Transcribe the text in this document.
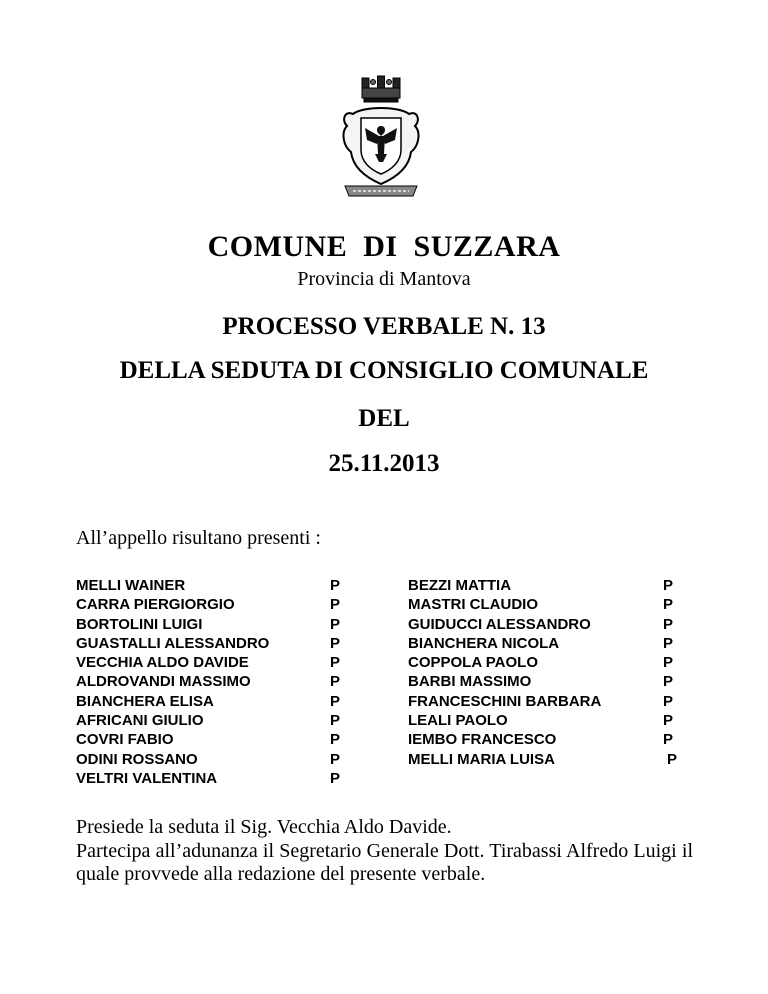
COMUNE  DI  SUZZARA
Provincia di Mantova
PROCESSO VERBALE N. 13
DELLA SEDUTA DI CONSIGLIO COMUNALE
DEL
25.11.2013
All’appello risultano presenti :
MELLI WAINER	P
CARRA PIERGIORGIO	P
BORTOLINI LUIGI	P
GUASTALLI ALESSANDRO	P
VECCHIA ALDO DAVIDE	P
ALDROVANDI MASSIMO	P
BIANCHERA ELISA	P
AFRICANI GIULIO	P
COVRI FABIO	P
ODINI ROSSANO	P
VELTRI VALENTINA	P
BEZZI MATTIA	P
MASTRI CLAUDIO	P
GUIDUCCI ALESSANDRO	P
BIANCHERA NICOLA	P
COPPOLA PAOLO	P
BARBI MASSIMO	P
FRANCESCHINI BARBARA	P
LEALI PAOLO	P
IEMBO FRANCESCO	P
MELLI MARIA LUISA	P

Presiede la seduta il Sig. Vecchia Aldo Davide.

Partecipa all’adunanza il Segretario Generale Dott. Tirabassi Alfredo Luigi il quale provvede alla redazione del presente verbale.
